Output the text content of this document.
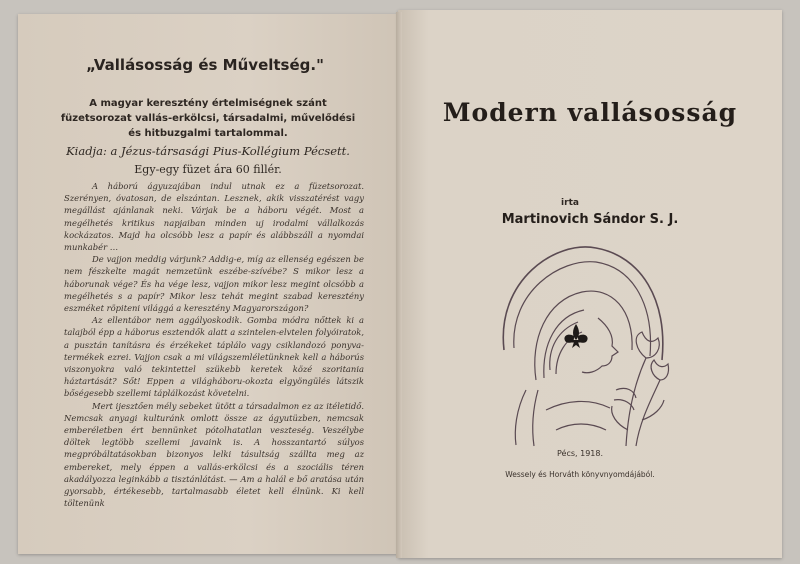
„Vallásosság és Műveltség."
A magyar keresztény értelmiségnek szánt füzetsorozat vallás-erkölcsi, társadalmi, művelődési és hitbuzgalmi tartalommal.
Kiadja: a Jézus-társasági Pius-Kollégium Pécsett.
Egy-egy füzet ára 60 fillér.

A háború ágyuzajában indul utnak ez a füzetsorozat. Szerényen, óvatosan, de elszántan. Lesznek, akik visszatérést vagy megállást ajánlanak neki. Várjak be a háboru végét. Most a megélhetés kritikus napjaiban minden uj irodalmi vállalkozás kockázatos. Majd ha olcsóbb lesz a papír és alábbszáll a nyomdai munkabér …

De vajjon meddig várjunk? Addig-e, míg az ellenség egészen be nem fészkelte magát nemzetünk eszébe-szívébe? S mikor lesz a háborunak vége? És ha vége lesz, vajjon mikor lesz megint olcsóbb a megélhetés s a papír? Mikor lesz tehát megint szabad keresztény eszméket röpiteni világgá a keresztény Magyarországon?

Az ellentábor nem aggályoskodik. Gomba módra nőttek ki a talajból épp a háborus esztendők alatt a szintelen-elvtelen folyóiratok, a pusztán tanításra és érzékeket táplálo vagy csiklandozó ponyva-termékek ezrei. Vajjon csak a mi világszemléletünknek kell a háborús viszonyokra való tekintettel szükebb keretek közé szoritania háztartását? Sőt! Eppen a világháboru-okozta elgyöngülés látszik bőségesebb szellemi táplálkozást követelni.

Mert ijesztően mély sebeket ütött a társadalmon ez az itéletidő. Nemcsak anyagi kulturánk omlott össze az ágyutüzben, nemcsak emberéletben ért bennünket pótolhatatlan veszteség. Veszélybe döltek legtöbb szellemi javaink is. A hosszantartó súlyos megpróbáltatásokban bizonyos lelki tásultság szállta meg az embereket, mely éppen a vallás-erkölcsi és a szociális téren akadályozza leginkább a tisztánlátást. — Am a halál e bő aratása után gyorsabb, értékesebb, tartalmasabb életet kell élnünk. Ki kell töltenünk

Modern vallásosság
irta
Martinovich Sándor S. J.
Pécs, 1918.
Wessely és Horváth könyvnyomdájából.
